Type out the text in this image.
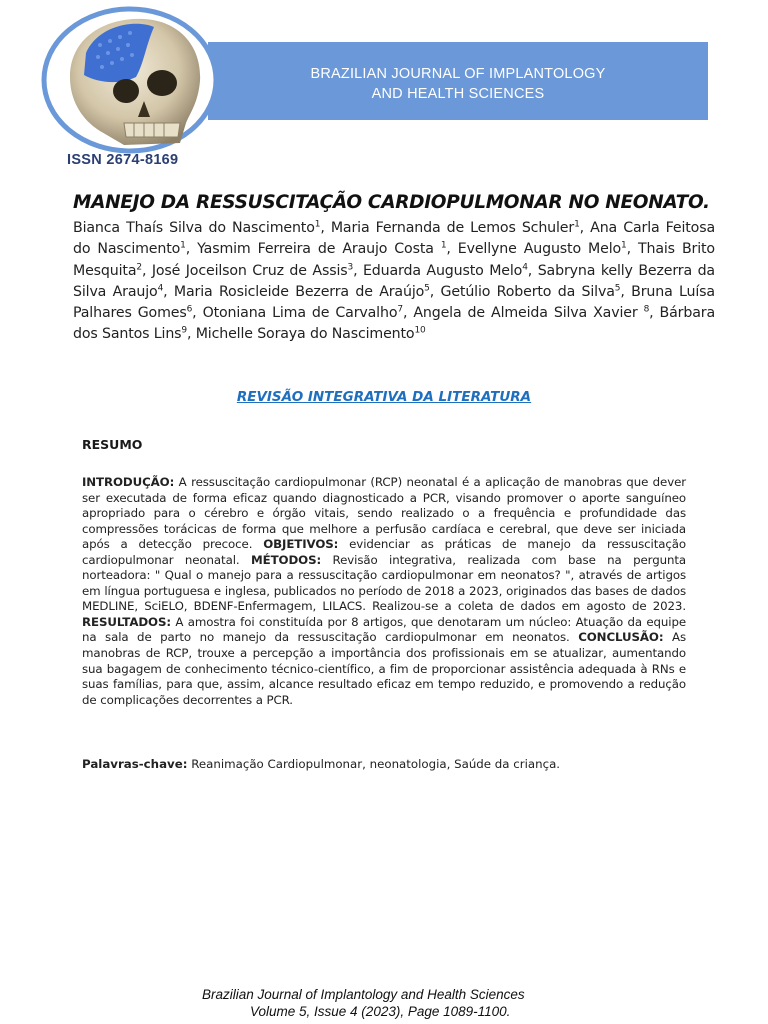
BRAZILIAN JOURNAL OF IMPLANTOLOGY
AND HEALTH SCIENCES
ISSN 2674-8169
MANEJO DA RESSUSCITAÇÃO CARDIOPULMONAR NO NEONATO.
Bianca Thaís Silva do Nascimento$^1$, Maria Fernanda de Lemos Schuler$^1$, Ana Carla Feitosa do Nascimento$^1$, Yasmim Ferreira de Araujo Costa $^1$, Evellyne Augusto Melo$^1$, Thais Brito Mesquita$^2$, José Joceilson Cruz de Assis$^3$, Eduarda Augusto Melo$^4$, Sabryna kelly Bezerra da Silva Araujo$^4$, Maria Rosicleide Bezerra de Araújo$^5$, Getúlio Roberto da Silva$^5$, Bruna Luísa Palhares Gomes$^6$, Otoniana Lima de Carvalho$^7$, Angela de Almeida Silva Xavier $^8$, Bárbara dos Santos Lins$^9$, Michelle Soraya do Nascimento$^{10}$
REVISÃO INTEGRATIVA DA LITERATURA
RESUMO
INTRODUÇÃO: A ressuscitação cardiopulmonar (RCP) neonatal é a aplicação de manobras que dever ser executada de forma eficaz quando diagnosticado a PCR, visando promover o aporte sanguíneo apropriado para o cérebro e órgão vitais, sendo realizado o a frequência e profundidade das compressões torácicas de forma que melhore a perfusão cardíaca e cerebral, que deve ser iniciada após a detecção precoce. OBJETIVOS: evidenciar as práticas de manejo da ressuscitação cardiopulmonar neonatal. MÉTODOS: Revisão integrativa, realizada com base na pergunta norteadora: " Qual o manejo para a ressuscitação cardiopulmonar em neonatos? ", através de artigos em língua portuguesa e inglesa, publicados no período de 2018 a 2023, originados das bases de dados MEDLINE, SciELO, BDENF-Enfermagem, LILACS. Realizou-se a coleta de dados em agosto de 2023. RESULTADOS: A amostra foi constituída por 8 artigos, que denotaram um núcleo: Atuação da equipe na sala de parto no manejo da ressuscitação cardiopulmonar em neonatos. CONCLUSÃO: As manobras de RCP, trouxe a percepção a importância dos profissionais em se atualizar, aumentando sua bagagem de conhecimento técnico-científico, a fim de proporcionar assistência adequada à RNs e suas famílias, para que, assim, alcance resultado eficaz em tempo reduzido, e promovendo a redução de complicações decorrentes a PCR.
Palavras-chave: Reanimação Cardiopulmonar, neonatologia, Saúde da criança.
Brazilian Journal of Implantology and Health Sciences
Volume 5, Issue 4 (2023), Page 1089-1100.
